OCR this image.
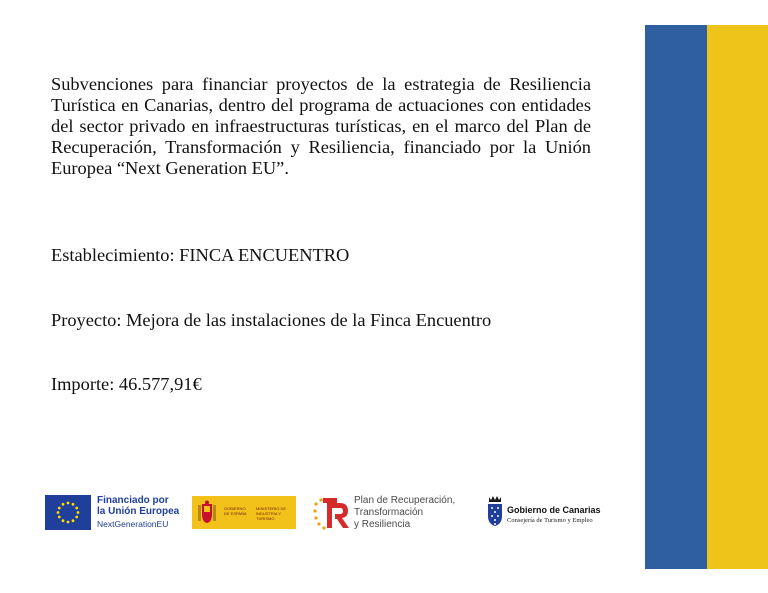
Subvenciones para financiar proyectos de la estrategia de Resiliencia Turística en Canarias, dentro del programa de actuaciones con entidades del sector privado en infraestructuras turísticas, en el marco del Plan de Recuperación, Transformación y Resiliencia, financiado por la Unión Europea “Next Generation EU”.

Establecimiento: FINCA ENCUENTRO

Proyecto: Mejora de las instalaciones de la Finca Encuentro

Importe: 46.577,91€

Financiado por
la Unión Europea
NextGenerationEU
GOBIERNO DE ESPAÑA
MINISTERIO DE INDUSTRIA Y TURISMO
Plan de Recuperación,
Transformación
y Resiliencia
Gobierno de Canarias
Consejería de Turismo y Empleo
